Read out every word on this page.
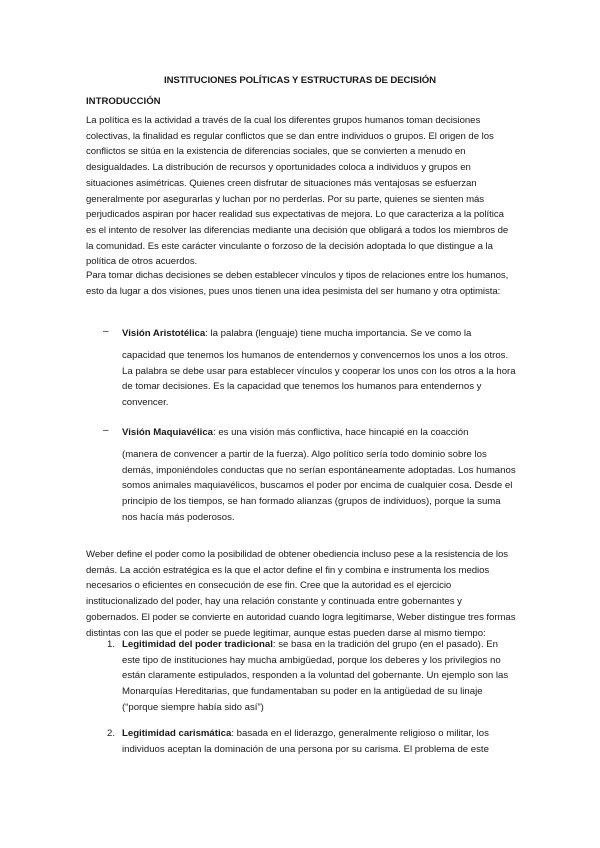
INSTITUCIONES POLÍTICAS Y ESTRUCTURAS DE DECISIÓN
INTRODUCCIÓN

La política es la actividad a través de la cual los diferentes grupos humanos toman decisiones colectivas, la finalidad es regular conflictos que se dan entre individuos o grupos. El origen de los conflictos se sitúa en la existencia de diferencias sociales, que se convierten a menudo en desigualdades. La distribución de recursos y oportunidades coloca a individuos y grupos en situaciones asimétricas. Quienes creen disfrutar de situaciones más ventajosas se esfuerzan generalmente por asegurarlas y luchan por no perderlas. Por su parte, quienes se sienten más perjudicados aspiran por hacer realidad sus expectativas de mejora. Lo que caracteriza a la política es el intento de resolver las diferencias mediante una decisión que obligará a todos los miembros de la comunidad. Es este carácter vinculante o forzoso de la decisión adoptada lo que distingue a la política de otros acuerdos.

Para tomar dichas decisiones se deben establecer vínculos y tipos de relaciones entre los humanos, esto da lugar a dos visiones, pues unos tienen una idea pesimista del ser humano y otra optimista:

– Visión Aristotélica: la palabra (lenguaje) tiene mucha importancia. Se ve como la
capacidad que tenemos los humanos de entendernos y convencernos los unos a los otros. La palabra se debe usar para establecer vínculos y cooperar los unos con los otros a la hora de tomar decisiones. Es la capacidad que tenemos los humanos para entendernos y convencer.
– Visión Maquiavélica: es una visión más conflictiva, hace hincapié en la coacción
(manera de convencer a partir de la fuerza). Algo político sería todo dominio sobre los demás, imponiéndoles conductas que no serían espontáneamente adoptadas. Los humanos somos animales maquiavélicos, buscamos el poder por encima de cualquier cosa. Desde el principio de los tiempos, se han formado alianzas (grupos de individuos), porque la suma nos hacía más poderosos.

Weber define el poder como la posibilidad de obtener obediencia incluso pese a la resistencia de los demás. La acción estratégica es la que el actor define el fin y combina e instrumenta los medios necesarios o eficientes en consecución de ese fin. Cree que la autoridad es el ejercicio institucionalizado del poder, hay una relación constante y continuada entre gobernantes y gobernados. El poder se convierte en autoridad cuando logra legitimarse, Weber distingue tres formas distintas con las que el poder se puede legitimar, aunque estas pueden darse al mismo tiempo:

1. Legitimidad del poder tradicional: se basa en la tradición del grupo (en el pasado). En este tipo de instituciones hay mucha ambigüedad, porque los deberes y los privilegios no están claramente estipulados, responden a la voluntad del gobernante. Un ejemplo son las Monarquías Hereditarias, que fundamentaban su poder en la antigüedad de su linaje (“porque siempre había sido así”)
2. Legitimidad carismática: basada en el liderazgo, generalmente religioso o militar, los individuos aceptan la dominación de una persona por su carisma. El problema de este
